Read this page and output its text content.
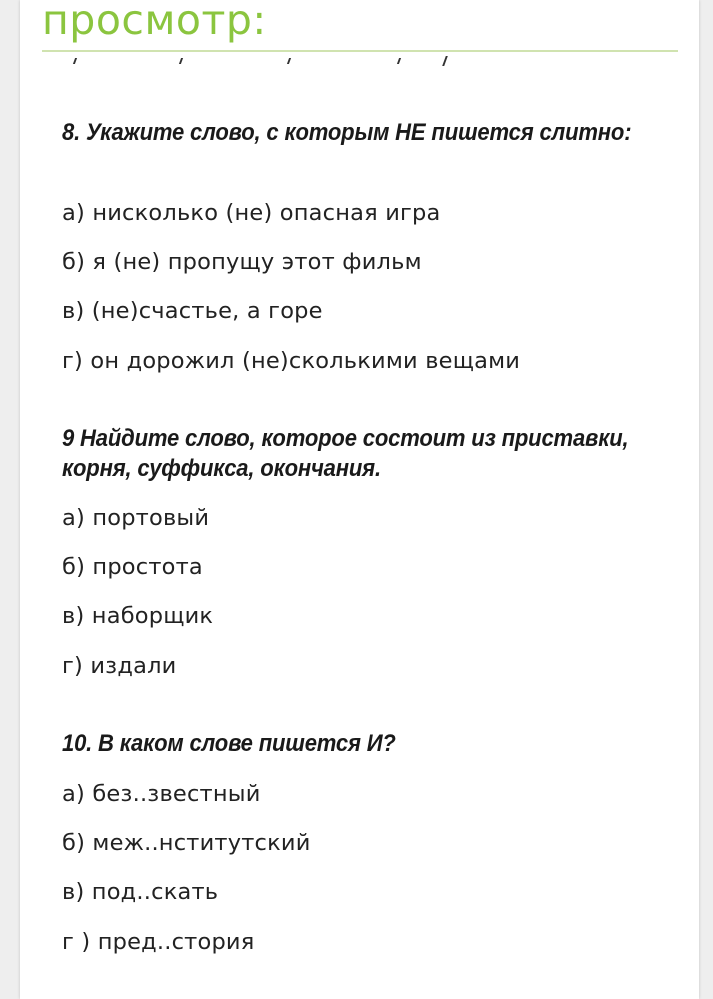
просмотр:
8. Укажите слово, с которым НЕ пишется слитно:
а) нисколько (не) опасная игра
б) я (не) пропущу этот фильм
в) (не)счастье, а горе
г) он дорожил (не)сколькими вещами
9 Найдите слово, которое состоит из приставки, корня, суффикса, окончания.
а) портовый
б) простота
в) наборщик
г) издали
10. В каком слове пишется И?
а) без..звестный
б) меж..нститутский
в) под..скать
г ) пред..стория
